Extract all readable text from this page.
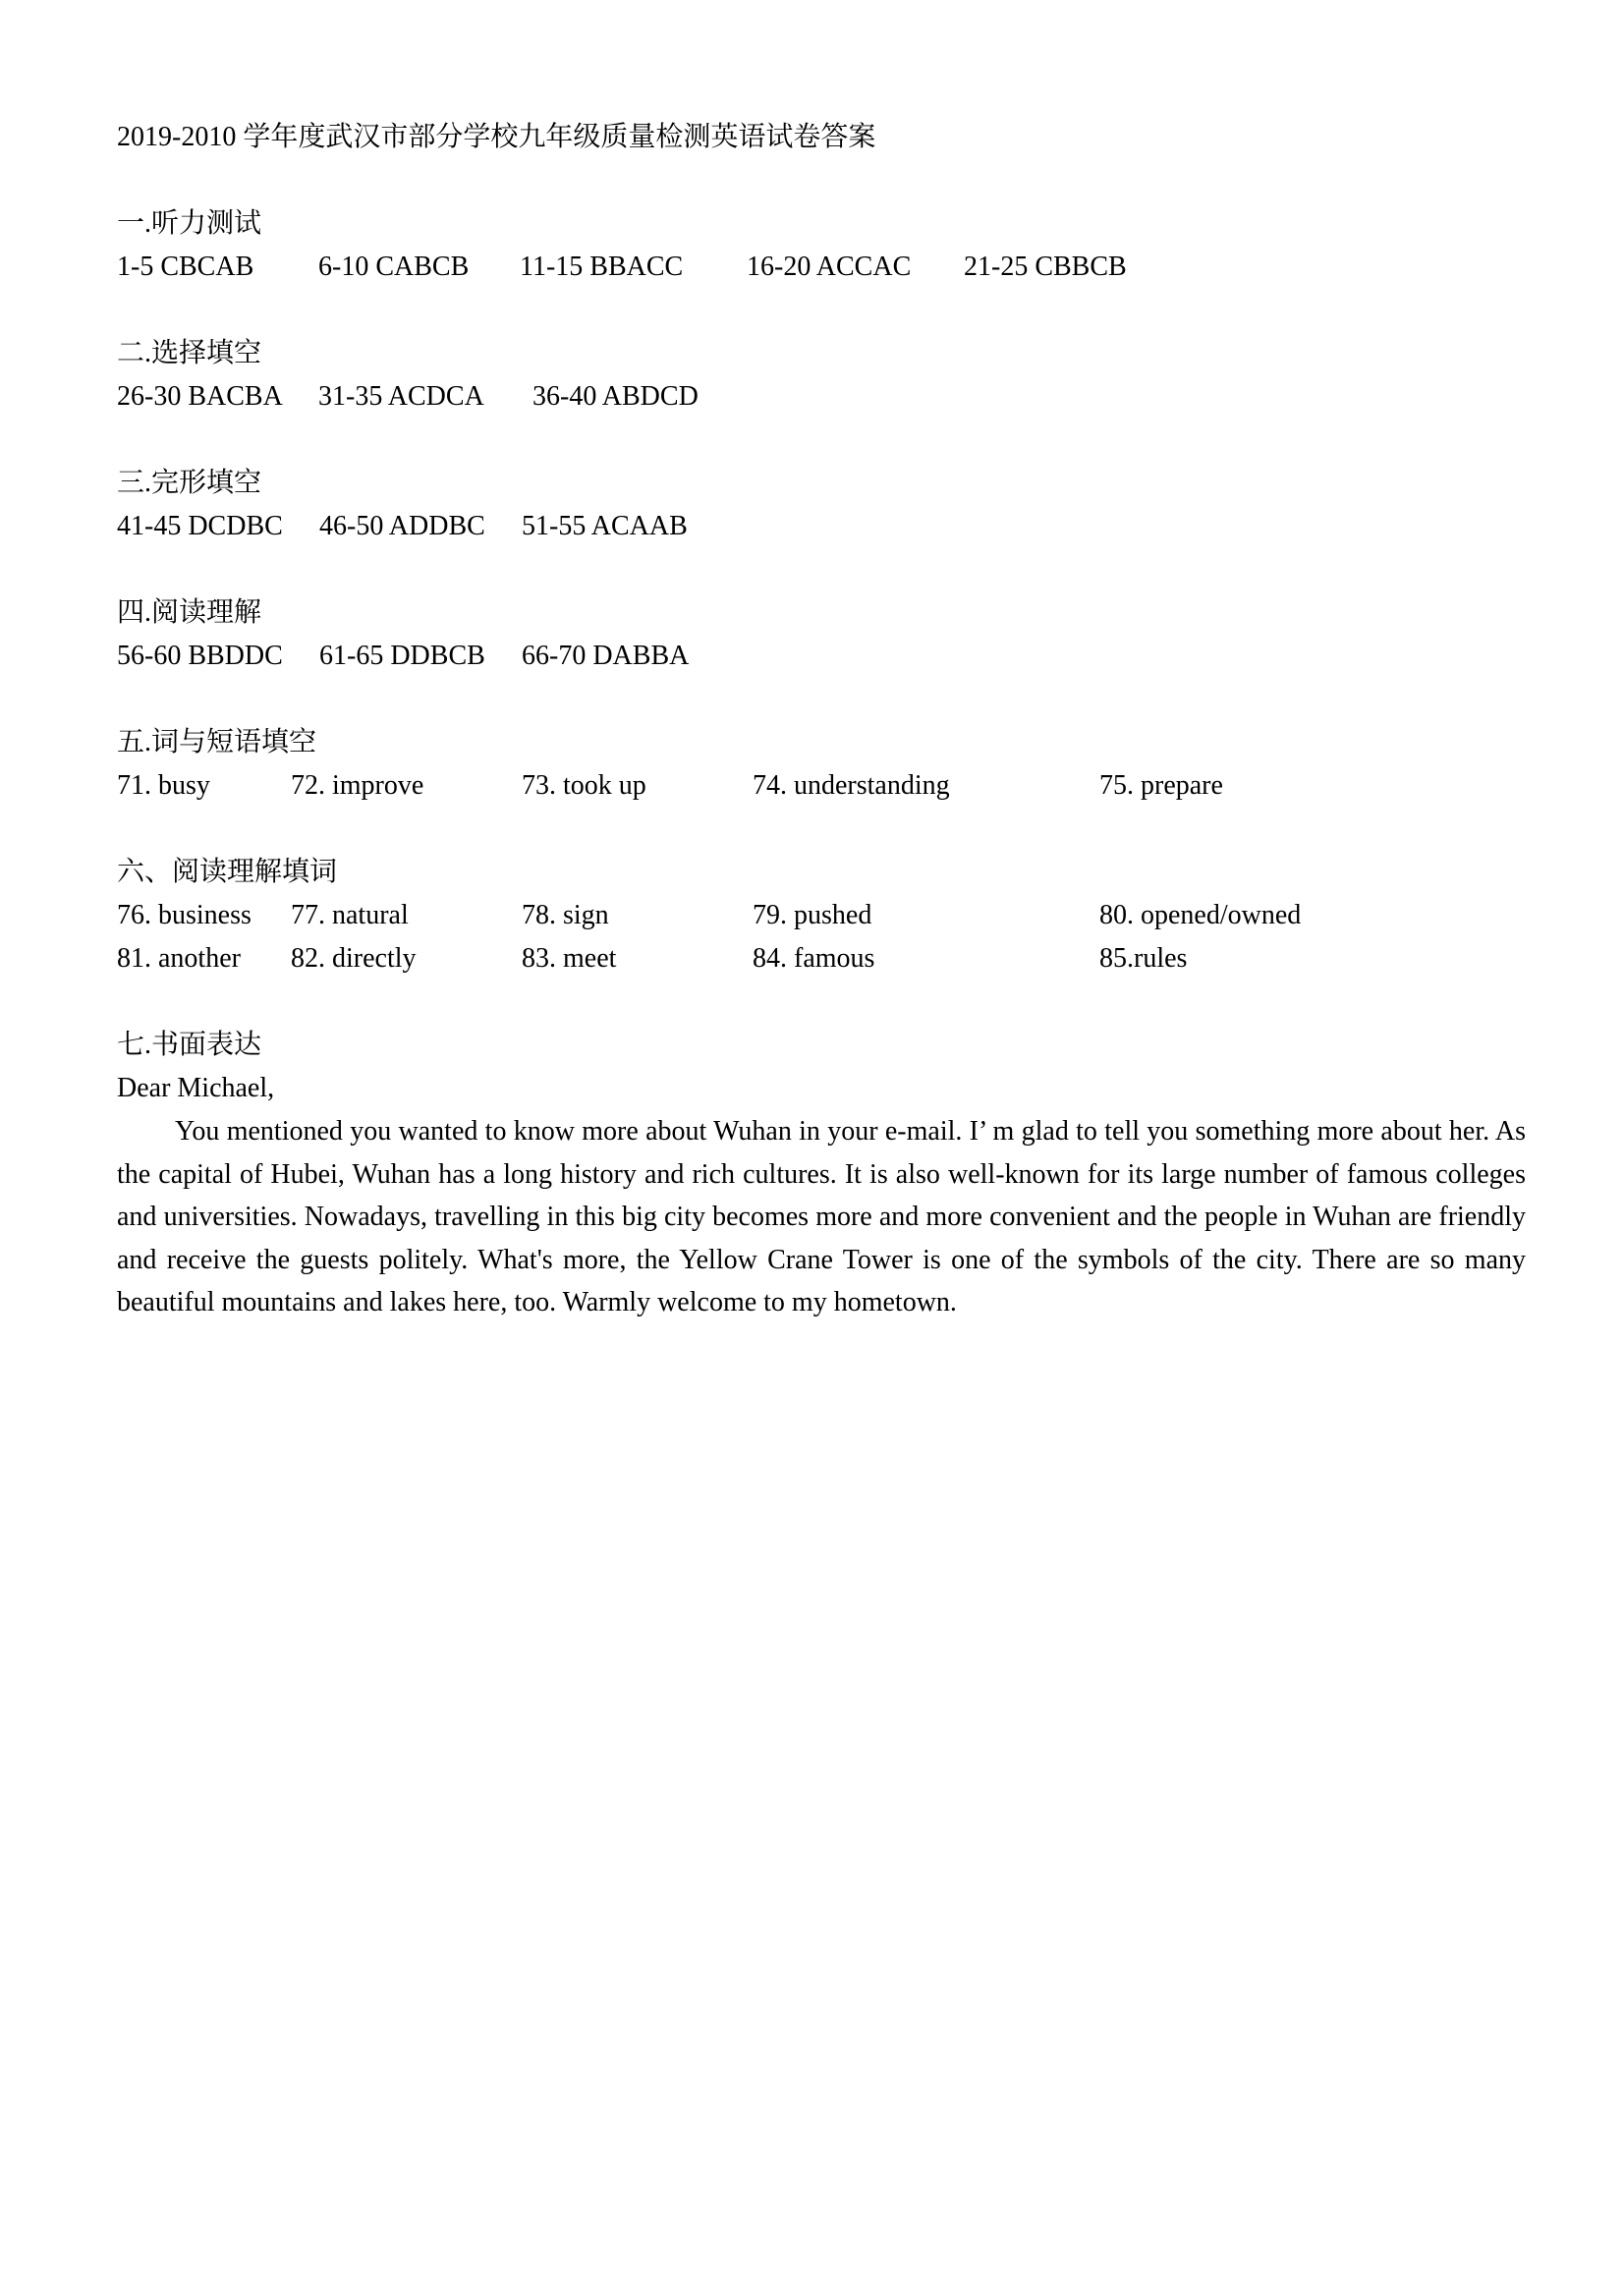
2019-2010 学年度武汉市部分学校九年级质量检测英语试卷答案
一.听力测试
1-5 CBCAB 6-10 CABCB 11-15 BBACC 16-20 ACCAC 21-25 CBBCB
二.选择填空
26-30 BACBA 31-35 ACDCA 36-40 ABDCD
三.完形填空
41-45 DCDBC 46-50 ADDBC 51-55 ACAAB
四.阅读理解
56-60 BBDDC 61-65 DDBCB 66-70 DABBA
五.词与短语填空
71. busy	72. improve	73. took up	74. understanding	75. prepare
六、阅读理解填词
76. business 77. natural	78. sign	79. pushed	80. opened/owned
81. another 82. directly	83. meet	84. famous	85.rules
七.书面表达
Dear Michael,

You mentioned you wanted to know more about Wuhan in your e-mail. I’ m glad to tell you something more about her. As the capital of Hubei, Wuhan has a long history and rich cultures. It is also well-known for its large number of famous colleges and universities. Nowadays, travelling in this big city becomes more and more convenient and the people in Wuhan are friendly and receive the guests politely. What's more, the Yellow Crane Tower is one of the symbols of the city. There are so many beautiful mountains and lakes here, too. Warmly welcome to my hometown.
